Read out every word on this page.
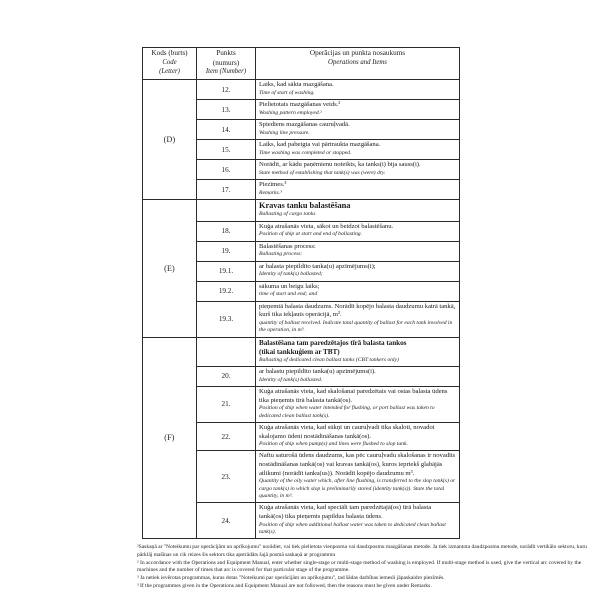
Kods (burts)
Code
(Letter)

Punkts
(numurs)
Item (Number)

Operācijas un punkta nosaukums
Operations and Items

(D)	12.	Laiks, kad sākta mazgāšana.
Time of start of washing.

	13.	Pielietotais mazgāšanas veids.²
Washing pattern employed.²

	14.	Spiediens mazgāšanas cauruļvadā.
Washing line pressure.

	15.	Laiks, kad pabeigta vai pārtraukta mazgāšana.
Time washing was completed or stopped.

	16.	Norādīt, ar kādu paņēmienu noteikts, ka tanks(i) bija sauss(i).
State method of establishing that tank(s) was (were) dry.

	17.	Piezīmes.³
Remarks.³

(E)		Kravas tanku balastēšana
Ballasting of cargo tanks

	18.	Kuģa atrašanās vieta, sākot un beidzot balastēšanu.
Position of ship at start and end of ballasting.

	19.	Balastēšanas process:
Ballasting process:

	19.1.	ar balasta piepildīto tanka(u) apzīmējums(i);
Identity of tank(s) ballasted;

	19.2.	sākuma un beigu laiks;
time of start and end; and

	19.3.	pieņemtā balasta daudzums. Norādīt kopējo balasta daudzumu katrā tankā, kurš tika iekļauts operācijā, m³.
quantity of ballast received. Indicate total quantity of ballast for each tank involved in the operation, in m³.

(F)		Balastēšana tam paredzētajos tīrā balasta tankos
(tikai tankkuģiem ar TBT)
Ballasting of dedicated clean ballast tanks (CBT tankers only)

	20.	ar balastu piepildīto tanka(u) apzīmējums(i).
Identity of tank(s) ballasted.

	21.	Kuģa atrašanās vieta, kad skalošanai paredzētais vai ostas balasta ūdens tika pieņemts tīrā balasta tankā(os).
Position of ship when water intended for flushing, or port ballast was taken to dedicated clean ballast tank(s).

	22.	Kuģa atrašanās vieta, kad sūkņi un cauruļvadi tika skaloti, novadot skalojamo ūdeni nostādināšanas tankā(os).
Position of ship when pump(s) and lines were flushed to slop tank.

	23.	Naftu saturošā ūdens daudzums, kas pēc cauruļvadu skalošanas ir novadīts nostādināšanas tankā(os) vai kravas tankā(os), kuros iepriekš glabājās atlikumi (norādīt tanku(us)). Norādīt kopējo daudzumu m³.
Quantity of the oily water which, after line flushing, is transferred to the slop tank(s) or cargo tank(s) in which slop is preliminarily stored (identity tank(s)). State the total quantity, in m³.

	24.	Kuģa atrašanās vieta, kad speciāli tam paredzētajā(os) tīrā balasta tankā(os) tika pieņemts papildus balasta ūdens.
Position of ship when additional ballast water was taken to dedicated clean ballast tank(s).

²Saskaņā ar "Noteikumu par operācijām un aprīkojumu" norādiet, vai tiek pielietota vienposma vai daudzposmu mazgāšanas metode. Ja tiek izmantota daudzposmu metode, norādīt vertikālo sektoru, kuru pārklāj mašīnas un cik reizes šis sektors tika apstrādāts šajā posmā saskaņā ar programmu

² In accordance with the Operations and Equipment Manual, enter whether single-stage or multi-stage method of washing is employed. If multi-stage method is used, give the vertical arc covered by the machines and the number of times that arc is covered for that particular stage of the programme.

³ Ja netiek ievērotas programmas, kuras dotas "Noteikumi par operācijām un aprīkojumu", tad šādas darbības iemesli jāpaskaidro piezīmēs.

³ If the programmes given in the Operations and Equipment Manual are not followed, then the reasons must be given under Remarks.
